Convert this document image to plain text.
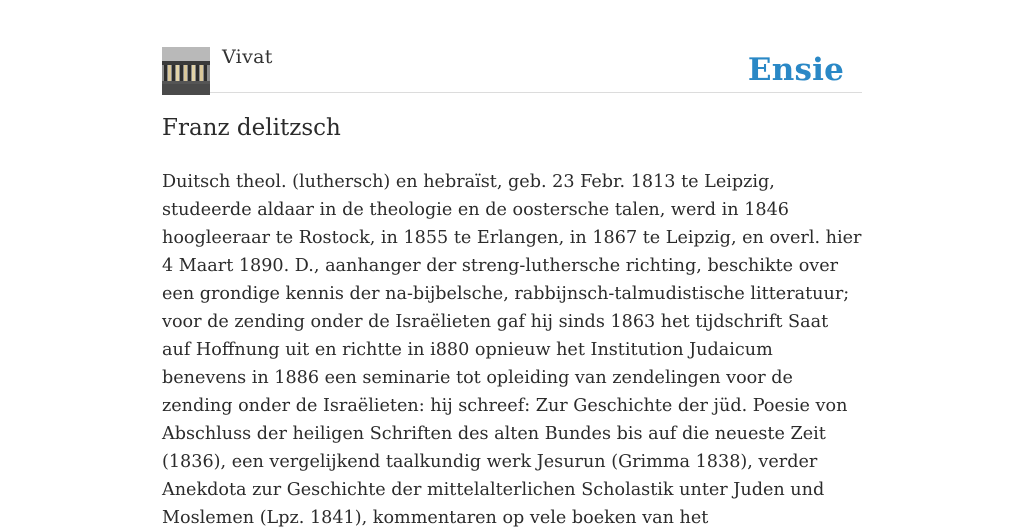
Vivat	Ensie
Franz delitzsch

Duitsch theol. (luthersch) en hebraïst, geb. 23 Febr. 1813 te Leipzig, studeerde aldaar in de theologie en de oostersche talen, werd in 1846 hoogleeraar te Rostock, in 1855 te Erlangen, in 1867 te Leipzig, en overl. hier 4 Maart 1890. D., aanhanger der streng-luthersche richting, beschikte over een grondige kennis der na-bijbelsche, rabbijnsch-talmudistische litteratuur; voor de zending onder de Israëlieten gaf hij sinds 1863 het tijdschrift Saat auf Hoffnung uit en richtte in i880 opnieuw het Institution Judaicum benevens in 1886 een seminarie tot opleiding van zendelingen voor de zending onder de Israëlieten: hij schreef: Zur Geschichte der jüd. Poesie von Abschluss der heiligen Schriften des alten Bundes bis auf die neueste Zeit (1836), een vergelijkend taalkundig werk Jesurun (Grimma 1838), verder Anekdota zur Geschichte der mittelalterlichen Scholastik unter Juden und Moslemen (Lpz. 1841), kommentaren op vele boeken van het
